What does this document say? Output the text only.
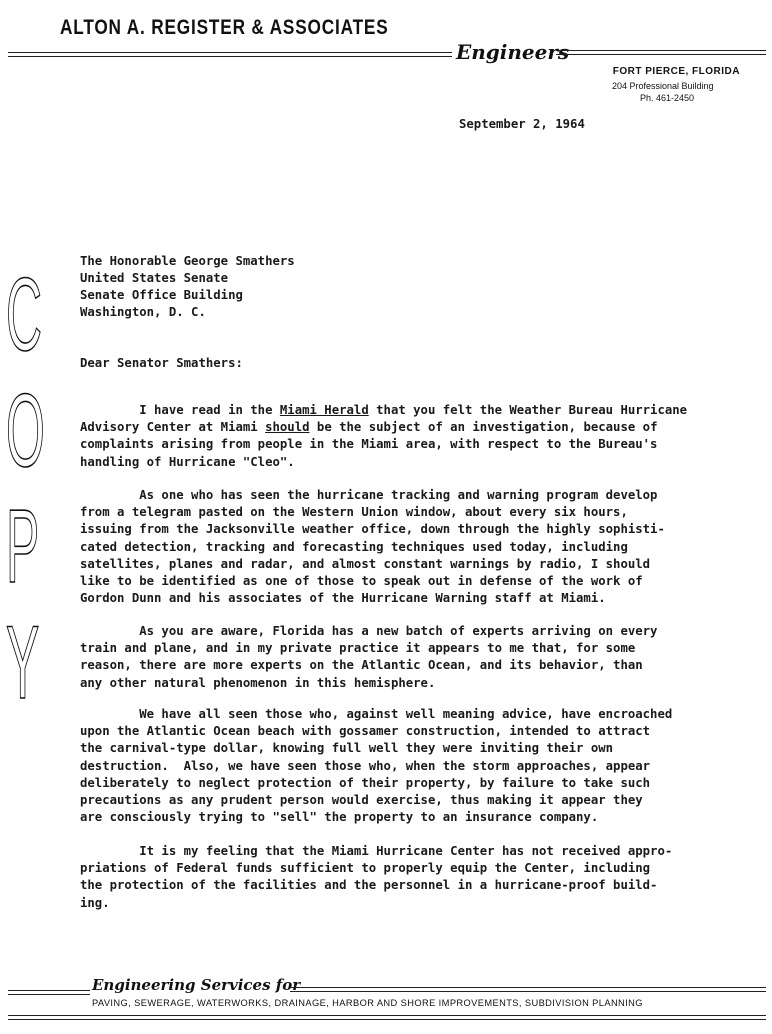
ALTON A. REGISTER & ASSOCIATES
Engineers
FORT PIERCE, FLORIDA
204 Professional Building
Ph. 461-2450
September 2, 1964
C
O
P
Y
The Honorable George Smathers
United States Senate
Senate Office Building
Washington, D. C.
Dear Senator Smathers:
I have read in the Miami Herald that you felt the Weather Bureau Hurricane
Advisory Center at Miami should be the subject of an investigation, because of
complaints arising from people in the Miami area, with respect to the Bureau's
handling of Hurricane "Cleo".
As one who has seen the hurricane tracking and warning program develop
from a telegram pasted on the Western Union window, about every six hours,
issuing from the Jacksonville weather office, down through the highly sophisti-
cated detection, tracking and forecasting techniques used today, including
satellites, planes and radar, and almost constant warnings by radio, I should
like to be identified as one of those to speak out in defense of the work of
Gordon Dunn and his associates of the Hurricane Warning staff at Miami.
As you are aware, Florida has a new batch of experts arriving on every
train and plane, and in my private practice it appears to me that, for some
reason, there are more experts on the Atlantic Ocean, and its behavior, than
any other natural phenomenon in this hemisphere.
We have all seen those who, against well meaning advice, have encroached
upon the Atlantic Ocean beach with gossamer construction, intended to attract
the carnival-type dollar, knowing full well they were inviting their own
destruction.  Also, we have seen those who, when the storm approaches, appear
deliberately to neglect protection of their property, by failure to take such
precautions as any prudent person would exercise, thus making it appear they
are consciously trying to "sell" the property to an insurance company.
It is my feeling that the Miami Hurricane Center has not received appro-
priations of Federal funds sufficient to properly equip the Center, including
the protection of the facilities and the personnel in a hurricane-proof build-
ing.
Engineering Services for
PAVING, SEWERAGE, WATERWORKS, DRAINAGE, HARBOR AND SHORE IMPROVEMENTS, SUBDIVISION PLANNING
